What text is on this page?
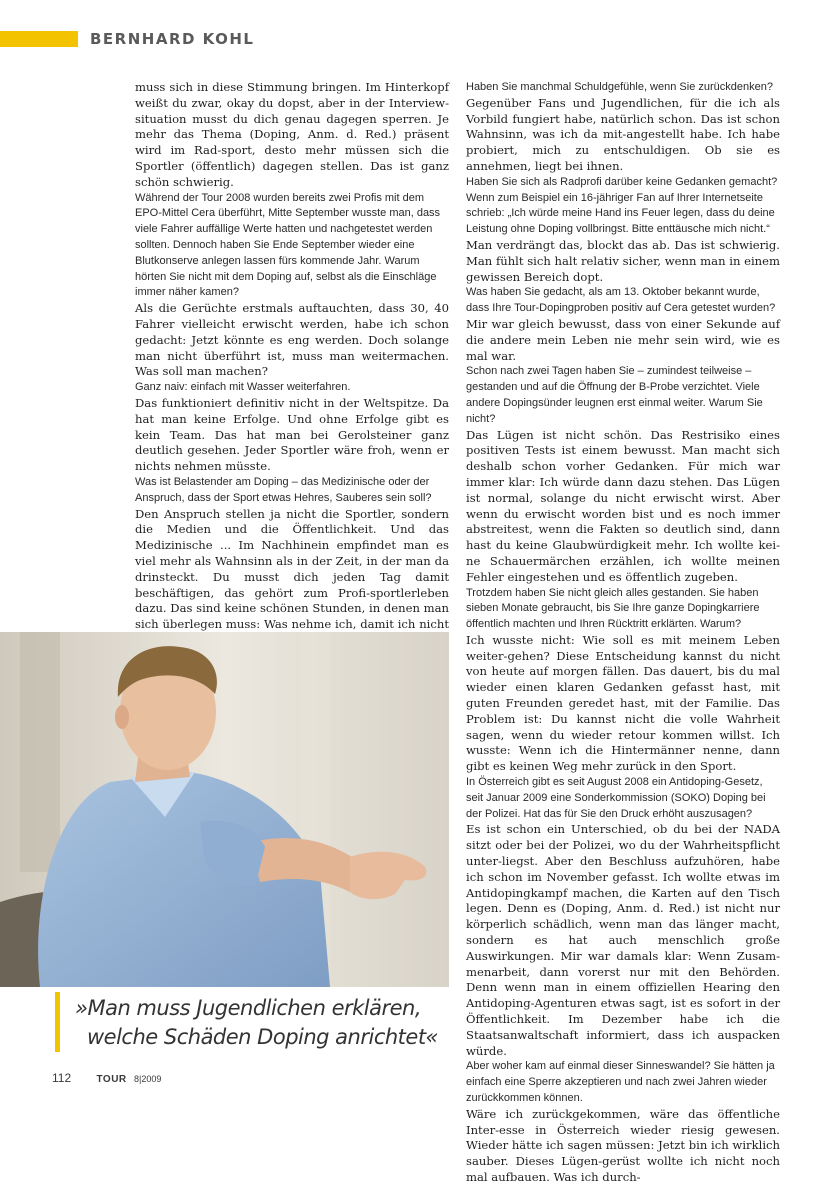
BERNHARD KOHL

muss sich in diese Stimmung bringen. Im Hinterkopf weißt du zwar, okay du dopst, aber in der Interview-situation musst du dich genau dagegen sperren. Je mehr das Thema (Doping, Anm. d. Red.) präsent wird im Rad-sport, desto mehr müssen sich die Sportler (öffentlich) dagegen stellen. Das ist ganz schön schwierig.

Während der Tour 2008 wurden bereits zwei Profis mit dem EPO-Mittel Cera überführt, Mitte September wusste man, dass viele Fahrer auffällige Werte hatten und nachgetestet werden sollten. Dennoch haben Sie Ende September wieder eine Blutkonserve anlegen lassen fürs kommende Jahr. Warum hörten Sie nicht mit dem Doping auf, selbst als die Einschläge immer näher kamen?

Als die Gerüchte erstmals auftauchten, dass 30, 40 Fahrer vielleicht erwischt werden, habe ich schon gedacht: Jetzt könnte es eng werden. Doch solange man nicht überführt ist, muss man weitermachen. Was soll man machen?

Ganz naiv: einfach mit Wasser weiterfahren.

Das funktioniert definitiv nicht in der Weltspitze. Da hat man keine Erfolge. Und ohne Erfolge gibt es kein Team. Das hat man bei Gerolsteiner ganz deutlich gesehen. Jeder Sportler wäre froh, wenn er nichts nehmen müsste.

Was ist Belastender am Doping – das Medizinische oder der Anspruch, dass der Sport etwas Hehres, Sauberes sein soll?

Den Anspruch stellen ja nicht die Sportler, sondern die Medien und die Öffentlichkeit. Und das Medizinische ... Im Nachhinein empfindet man es viel mehr als Wahnsinn als in der Zeit, in der man da drinsteckt. Du musst dich jeden Tag damit beschäftigen, das gehört zum Profi-sportlerleben dazu. Das sind keine schönen Stunden, in denen man sich überlegen muss: Was nehme ich, damit ich nicht

Haben Sie manchmal Schuldgefühle, wenn Sie zurückdenken?

Gegenüber Fans und Jugendlichen, für die ich als Vorbild fungiert habe, natürlich schon. Das ist schon Wahnsinn, was ich da mit-angestellt habe. Ich habe probiert, mich zu entschuldigen. Ob sie es annehmen, liegt bei ihnen.

Haben Sie sich als Radprofi darüber keine Gedanken gemacht? Wenn zum Beispiel ein 16-jähriger Fan auf Ihrer Internetseite schrieb: „Ich würde meine Hand ins Feuer legen, dass du deine Leistung ohne Doping vollbringst. Bitte enttäusche mich nicht.“

Man verdrängt das, blockt das ab. Das ist schwierig. Man fühlt sich halt relativ sicher, wenn man in einem gewissen Bereich dopt.

Was haben Sie gedacht, als am 13. Oktober bekannt wurde, dass Ihre Tour-Dopingproben positiv auf Cera getestet wurden?

Mir war gleich bewusst, dass von einer Sekunde auf die andere mein Leben nie mehr sein wird, wie es mal war.

Schon nach zwei Tagen haben Sie – zumindest teilweise – gestanden und auf die Öffnung der B-Probe verzichtet. Viele andere Dopingsünder leugnen erst einmal weiter. Warum Sie nicht?

Das Lügen ist nicht schön. Das Restrisiko eines positiven Tests ist einem bewusst. Man macht sich deshalb schon vorher Gedanken. Für mich war immer klar: Ich würde dann dazu stehen. Das Lügen ist normal, solange du nicht erwischt wirst. Aber wenn du erwischt worden bist und es noch immer abstreitest, wenn die Fakten so deutlich sind, dann hast du keine Glaubwürdigkeit mehr. Ich wollte kei-ne Schauermärchen erzählen, ich wollte meinen Fehler eingestehen und es öffentlich zugeben.

Trotzdem haben Sie nicht gleich alles gestanden. Sie haben sieben Monate gebraucht, bis Sie Ihre ganze Dopingkarriere öffentlich machten und Ihren Rücktritt erklärten. Warum?

Ich wusste nicht: Wie soll es mit meinem Leben weiter-gehen? Diese Entscheidung kannst du nicht von heute auf morgen fällen. Das dauert, bis du mal wieder einen klaren Gedanken gefasst hast, mit guten Freunden geredet hast, mit der Familie. Das Problem ist: Du kannst nicht die volle Wahrheit sagen, wenn du wieder retour kommen willst. Ich wusste: Wenn ich die Hintermänner nenne, dann gibt es keinen Weg mehr zurück in den Sport.

In Österreich gibt es seit August 2008 ein Antidoping-Gesetz, seit Januar 2009 eine Sonderkommission (SOKO) Doping bei der Polizei. Hat das für Sie den Druck erhöht auszusagen?

Es ist schon ein Unterschied, ob du bei der NADA sitzt oder bei der Polizei, wo du der Wahrheitspflicht unter-liegst. Aber den Beschluss aufzuhören, habe ich schon im November gefasst. Ich wollte etwas im Antidopingkampf machen, die Karten auf den Tisch legen. Denn es (Doping, Anm. d. Red.) ist nicht nur körperlich schädlich, wenn man das länger macht, sondern es hat auch menschlich große Auswirkungen. Mir war damals klar: Wenn Zusam-menarbeit, dann vorerst nur mit den Behörden. Denn wenn man in einem offiziellen Hearing den Antidoping-Agenturen etwas sagt, ist es sofort in der Öffentlichkeit. Im Dezember habe ich die Staatsanwaltschaft informiert, dass ich auspacken würde.

Aber woher kam auf einmal dieser Sinneswandel? Sie hätten ja einfach eine Sperre akzeptieren und nach zwei Jahren wieder zurückkommen können.

Wäre ich zurückgekommen, wäre das öffentliche Inter-esse in Österreich wieder riesig gewesen. Wieder hätte ich sagen müssen: Jetzt bin ich wirklich sauber. Dieses Lügen-gerüst wollte ich nicht noch mal aufbauen. Was ich durch-

»Man muss Jugendlichen erklären,
welche Schäden Doping anrichtet«
112	TOUR 8|2009
